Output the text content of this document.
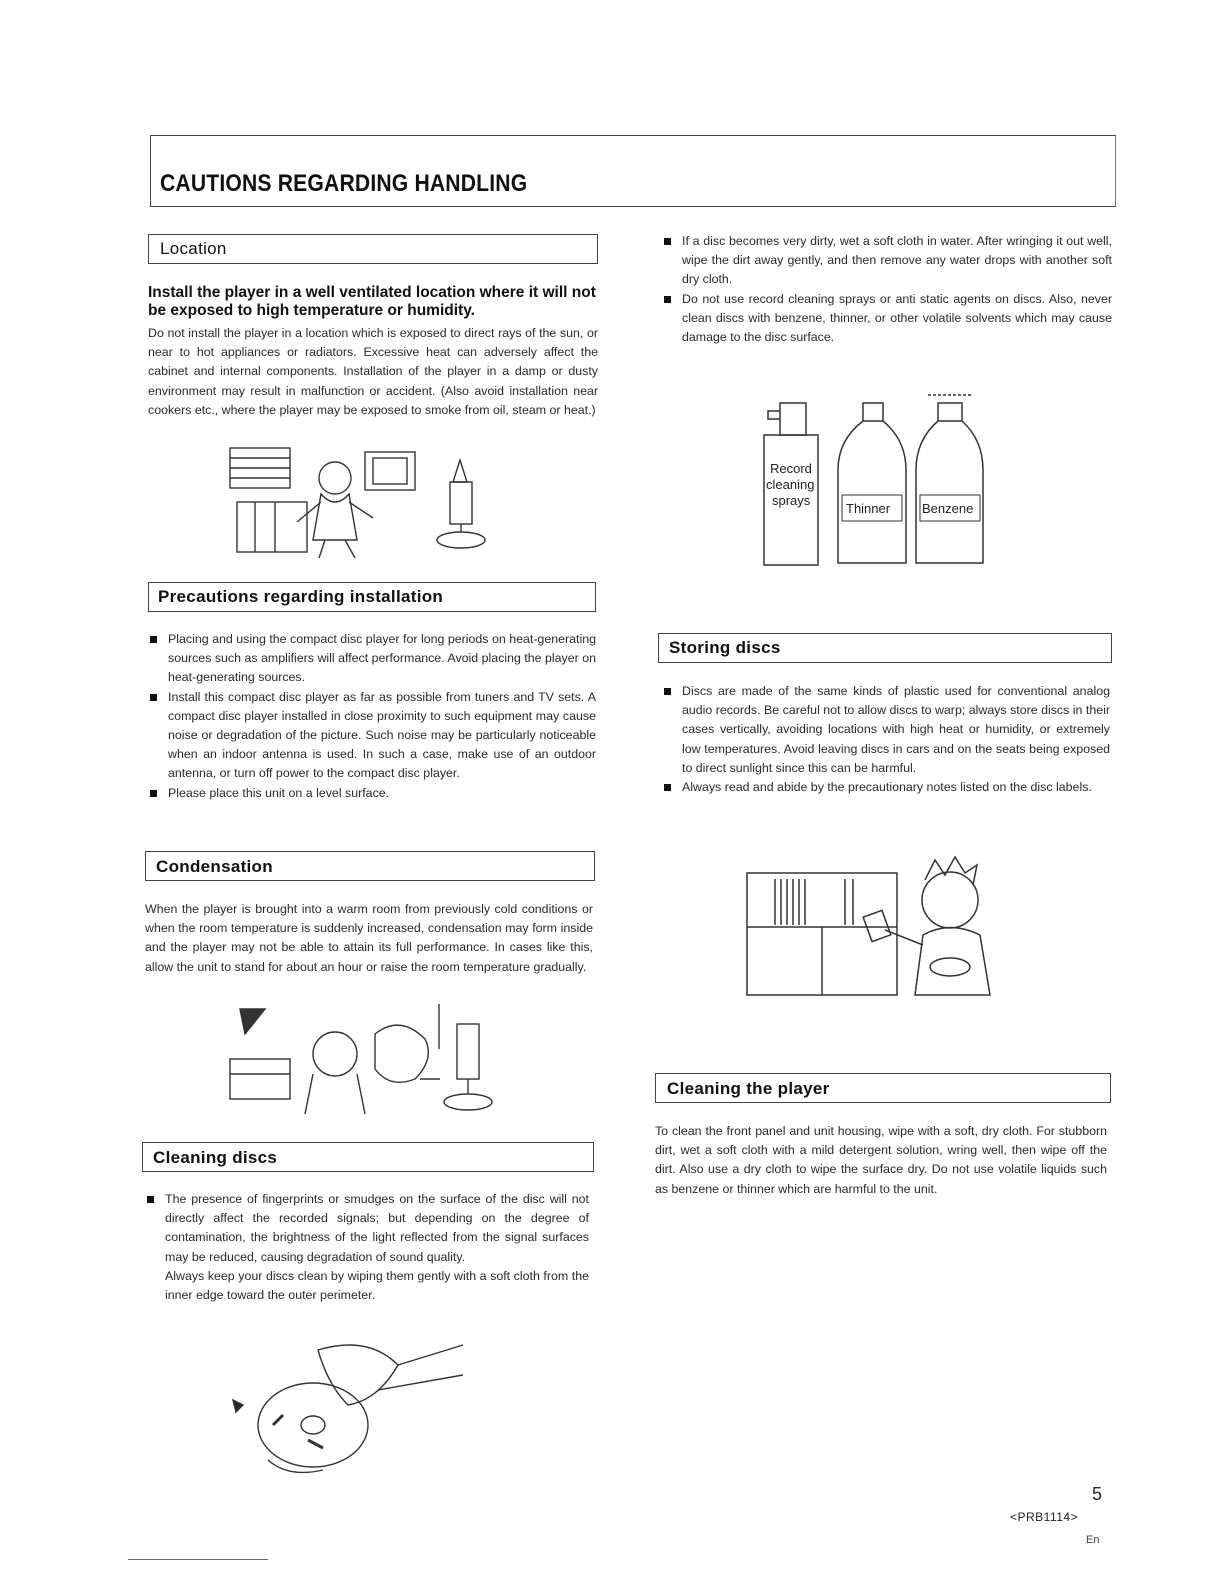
CAUTIONS REGARDING HANDLING
Location
Install the player in a well ventilated location where it will not be exposed to high temperature or humidity.
Do not install the player in a location which is exposed to direct rays of the sun, or near to hot appliances or radiators. Excessive heat can adversely affect the cabinet and internal components. Installation of the player in a damp or dusty environment may result in malfunction or accident. (Also avoid installation near cookers etc., where the player may be exposed to smoke from oil, steam or heat.)
Precautions regarding installation
Placing and using the compact disc player for long periods on heat-generating sources such as amplifiers will affect performance. Avoid placing the player on heat-generating sources.
Install this compact disc player as far as possible from tuners and TV sets. A compact disc player installed in close proximity to such equipment may cause noise or degradation of the picture. Such noise may be particularly noticeable when an indoor antenna is used. In such a case, make use of an outdoor antenna, or turn off power to the compact disc player.
Please place this unit on a level surface.
Condensation
When the player is brought into a warm room from previously cold conditions or when the room temperature is suddenly increased, condensation may form inside and the player may not be able to attain its full performance. In cases like this, allow the unit to stand for about an hour or raise the room temperature gradually.
Cleaning discs
The presence of fingerprints or smudges on the surface of the disc will not directly affect the recorded signals; but depending on the degree of contamination, the brightness of the light reflected from the signal surfaces may be reduced, causing degradation of sound quality.
Always keep your discs clean by wiping them gently with a soft cloth from the inner edge toward the outer perimeter.
If a disc becomes very dirty, wet a soft cloth in water. After wringing it out well, wipe the dirt away gently, and then remove any water drops with another soft dry cloth.
Do not use record cleaning sprays or anti static agents on discs. Also, never clean discs with benzene, thinner, or other volatile solvents which may cause damage to the disc surface.
Record
cleaning
sprays
Thinner Benzene
Storing discs
Discs are made of the same kinds of plastic used for conventional analog audio records. Be careful not to allow discs to warp; always store discs in their cases vertically, avoiding locations with high heat or humidity, or extremely low temperatures. Avoid leaving discs in cars and on the seats being exposed to direct sunlight since this can be harmful.
Always read and abide by the precautionary notes listed on the disc labels.
Cleaning the player
To clean the front panel and unit housing, wipe with a soft, dry cloth. For stubborn dirt, wet a soft cloth with a mild detergent solution, wring well, then wipe off the dirt. Also use a dry cloth to wipe the surface dry. Do not use volatile liquids such as benzene or thinner which are harmful to the unit.
5
<PRB1114>
En
